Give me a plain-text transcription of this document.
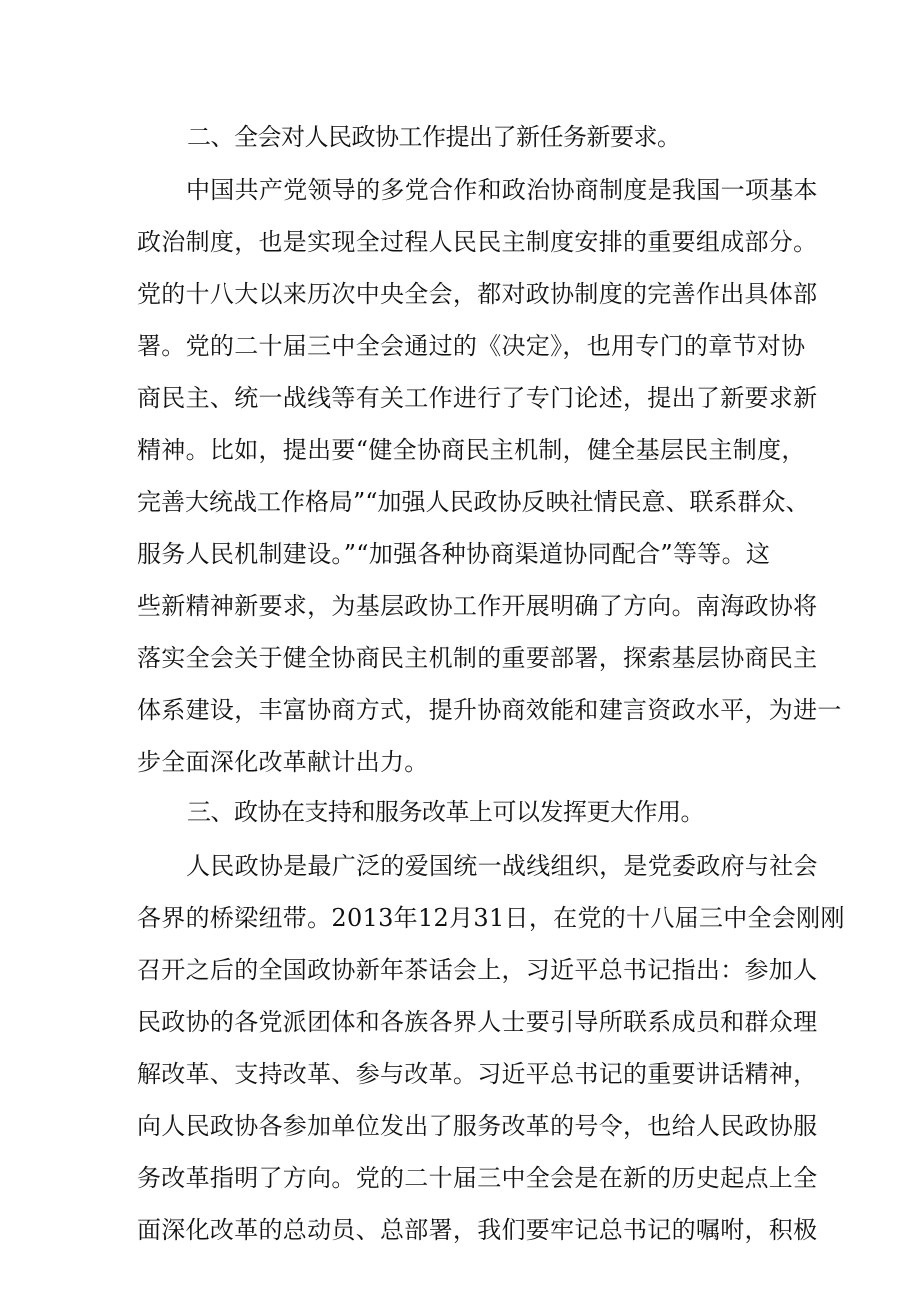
二、全会对人民政协工作提出了新任务新要求。
中国共产党领导的多党合作和政治协商制度是我国一项基本
政治制度，也是实现全过程人民民主制度安排的重要组成部分。
党的十八大以来历次中央全会，都对政协制度的完善作出具体部
署。党的二十届三中全会通过的《决定》，也用专门的章节对协
商民主、统一战线等有关工作进行了专门论述，提出了新要求新
精神。比如，提出要“健全协商民主机制，健全基层民主制度，
完善大统战工作格局”“加强人民政协反映社情民意、联系群众、
服务人民机制建设。”“加强各种协商渠道协同配合”等等。这
些新精神新要求，为基层政协工作开展明确了方向。南海政协将
落实全会关于健全协商民主机制的重要部署，探索基层协商民主
体系建设，丰富协商方式，提升协商效能和建言资政水平，为进一
步全面深化改革献计出力。
三、政协在支持和服务改革上可以发挥更大作用。
人民政协是最广泛的爱国统一战线组织，是党委政府与社会
各界的桥梁纽带。2013年12月31日，在党的十八届三中全会刚刚
召开之后的全国政协新年茶话会上，习近平总书记指出：参加人
民政协的各党派团体和各族各界人士要引导所联系成员和群众理
解改革、支持改革、参与改革。习近平总书记的重要讲话精神，
向人民政协各参加单位发出了服务改革的号令，也给人民政协服
务改革指明了方向。党的二十届三中全会是在新的历史起点上全
面深化改革的总动员、总部署，我们要牢记总书记的嘱咐，积极
